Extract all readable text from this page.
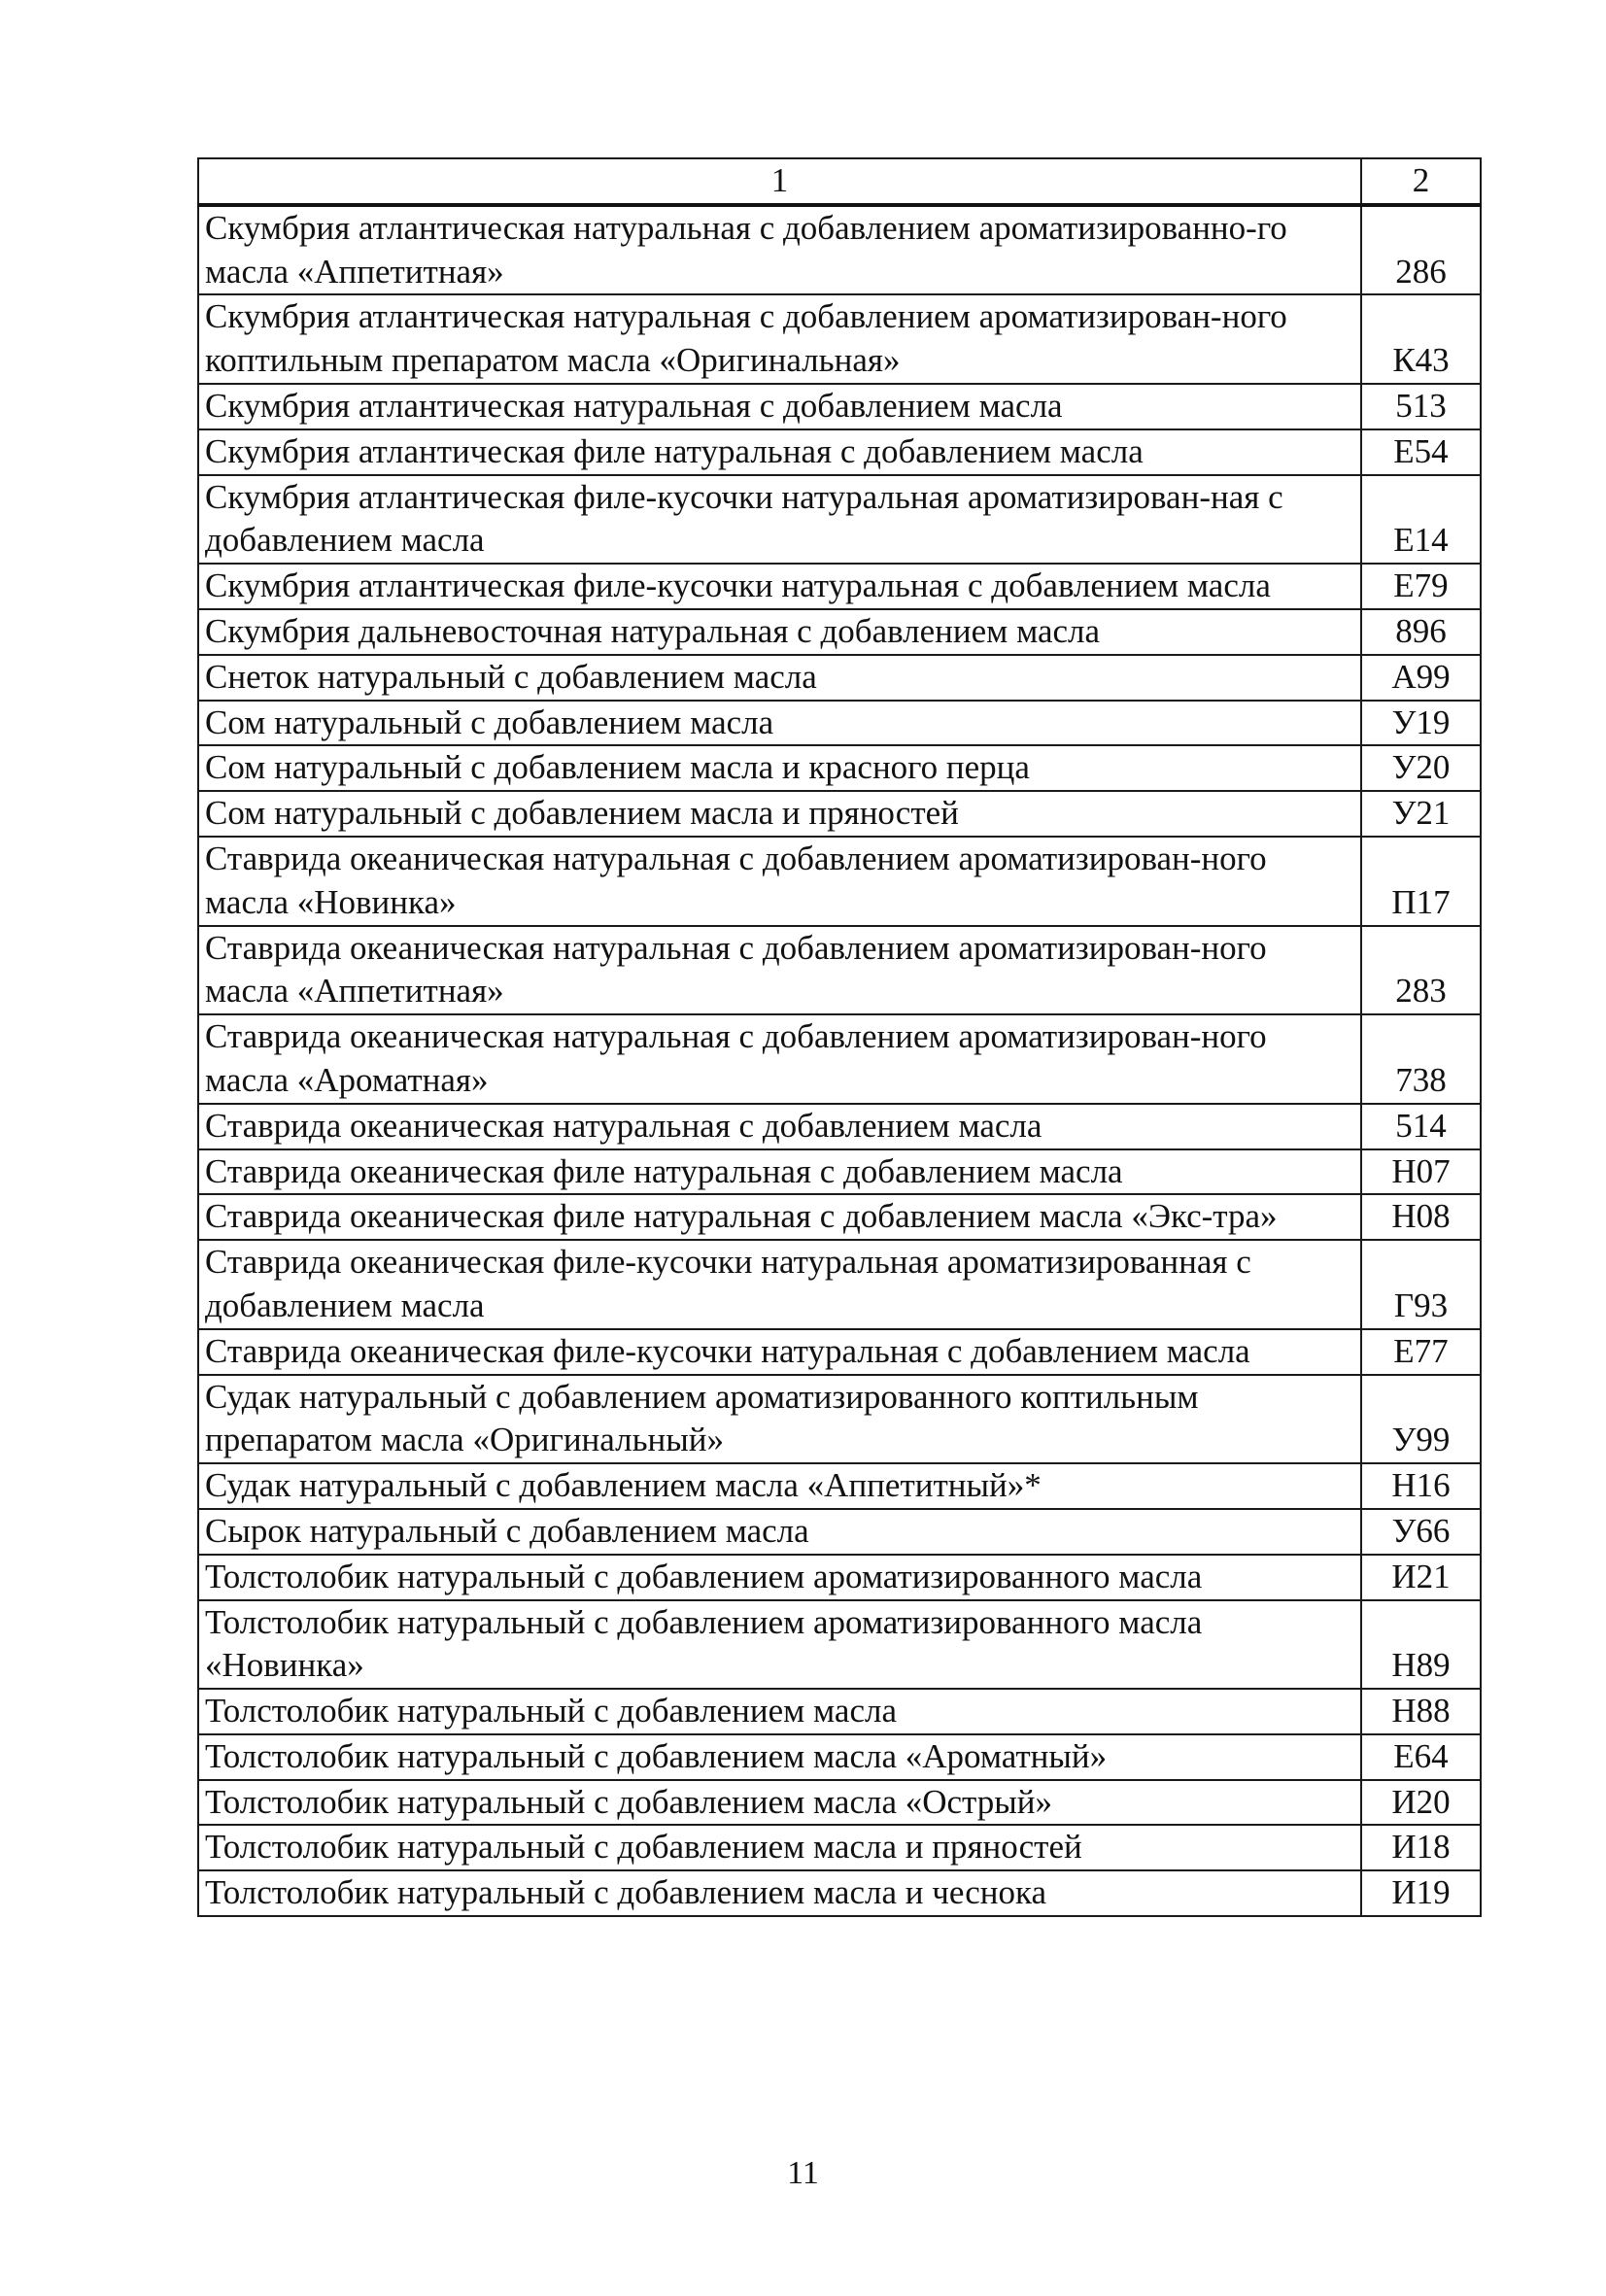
1	2
Скумбрия атлантическая натуральная с добавлением ароматизированно-го масла «Аппетитная»	286
Скумбрия атлантическая натуральная с добавлением ароматизирован-ного коптильным препаратом масла «Оригинальная»	К43
Скумбрия атлантическая натуральная с добавлением масла	513
Скумбрия атлантическая филе натуральная с добавлением масла	Е54
Скумбрия атлантическая филе-кусочки натуральная ароматизирован-ная с добавлением масла	Е14
Скумбрия атлантическая филе-кусочки натуральная с добавлением масла	Е79
Скумбрия дальневосточная натуральная с добавлением масла	896
Снеток натуральный с добавлением масла	А99
Сом натуральный с добавлением масла	У19
Сом натуральный с добавлением масла и красного перца	У20
Сом натуральный с добавлением масла и пряностей	У21
Ставрида океаническая натуральная с добавлением ароматизирован-ного масла «Новинка»	П17
Ставрида океаническая натуральная с добавлением ароматизирован-ного масла «Аппетитная»	283
Ставрида океаническая натуральная с добавлением ароматизирован-ного масла «Ароматная»	738
Ставрида океаническая натуральная с добавлением масла	514
Ставрида океаническая филе натуральная с добавлением масла	Н07
Ставрида океаническая филе натуральная с добавлением масла «Экс-тра»	Н08
Ставрида океаническая филе-кусочки натуральная ароматизированная с добавлением масла	Г93
Ставрида океаническая филе-кусочки натуральная с добавлением масла	Е77
Судак натуральный с добавлением ароматизированного коптильным препаратом масла «Оригинальный»	У99
Судак натуральный с добавлением масла «Аппетитный»*	Н16
Сырок натуральный с добавлением масла	У66
Толстолобик натуральный с добавлением ароматизированного масла	И21
Толстолобик натуральный с добавлением ароматизированного масла «Новинка»	Н89
Толстолобик натуральный с добавлением масла	Н88
Толстолобик натуральный с добавлением масла «Ароматный»	Е64
Толстолобик натуральный с добавлением масла «Острый»	И20
Толстолобик натуральный с добавлением масла и пряностей	И18
Толстолобик натуральный с добавлением масла и чеснока	И19
11
